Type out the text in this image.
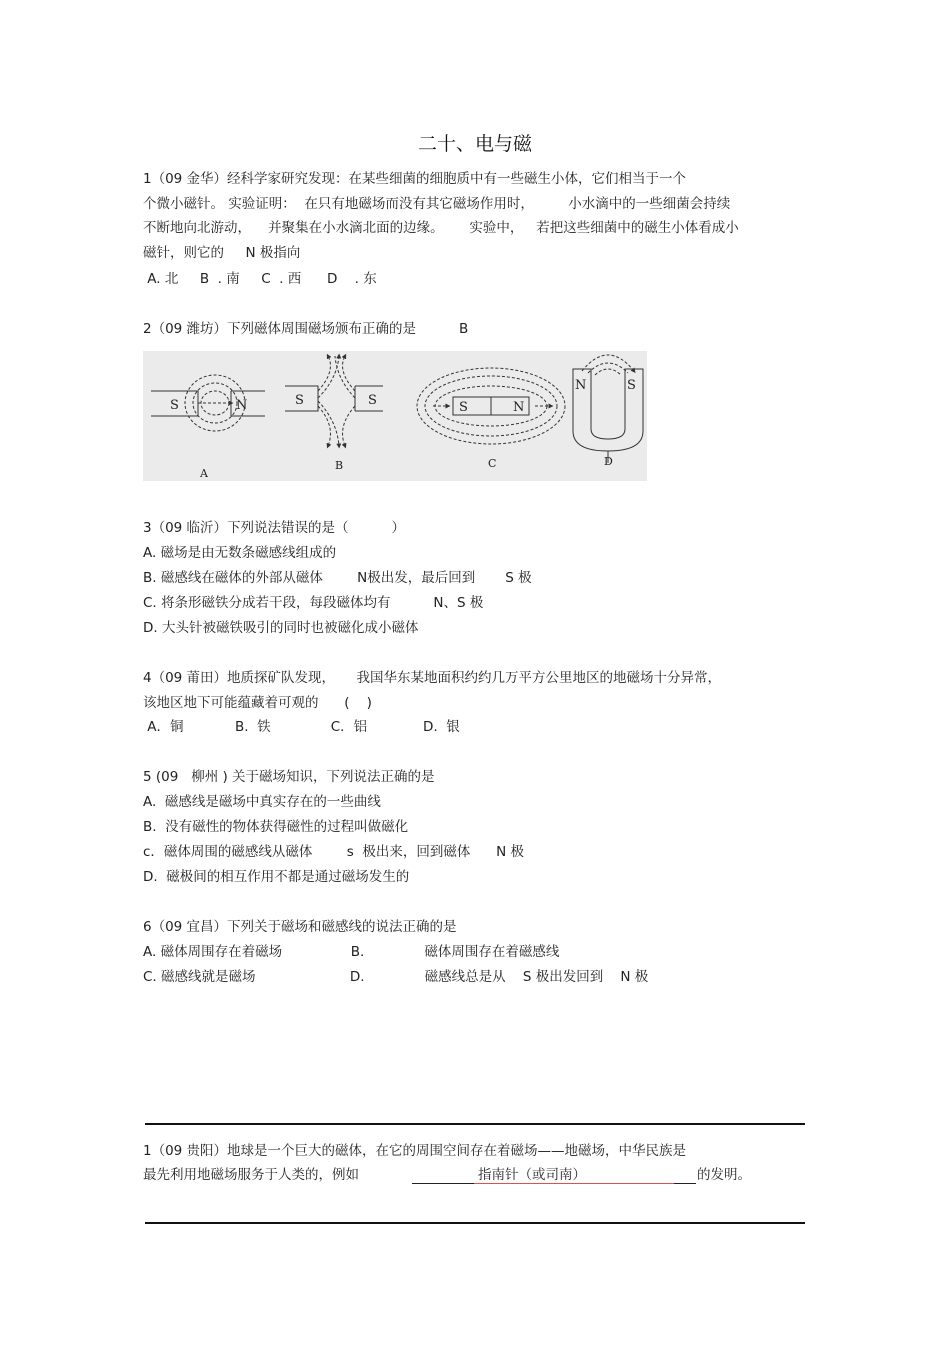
二十、电与磁
1（09 金华）经科学家研究发现：在某些细菌的细胞质中有一些磁生小体，它们相当于一个
个微小磁针。 实验证明：  在只有地磁场而没有其它磁场作用时，        小水滴中的一些细菌会持续
不断地向北游动，    并聚集在小水滴北面的边缘。      实验中，   若把这些细菌中的磁生小体看成小
磁针，则它的     N 极指向
A. 北     B  . 南     C  . 西      D    . 东
2（09 潍坊）下列磁体周围磁场颁布正确的是          B
S	N	S	S	S	N
N	S
A
B	C	D
3（09 临沂）下列说法错误的是（          ）
A. 磁场是由无数条磁感线组成的
B. 磁感线在磁体的外部从磁体        N极出发，最后回到       S 极
C. 将条形磁铁分成若干段，每段磁体均有          N、S 极
D. 大头针被磁铁吸引的同时也被磁化成小磁体
4（09 莆田）地质探矿队发现，     我国华东某地面积约约几万平方公里地区的地磁场十分异常，
该地区地下可能蕴藏着可观的      (    )
A．铜            B.  铁              C．铝             D.  银
5 (09   柳州 ) 关于磁场知识，下列说法正确的是
A.  磁感线是磁场中真实存在的一些曲线
B.  没有磁性的物体获得磁性的过程叫做磁化
c．磁体周围的磁感线从磁体        s  极出来，回到磁体      N 极
D.  磁极间的相互作用不都是通过磁场发生的
6（09 宜昌）下列关于磁场和磁感线的说法正确的是
A. 磁体周围存在着磁场                B.              磁体周围存在着磁感线
C. 磁感线就是磁场                      D.              磁感线总是从    S 极出发回到    N 极
1（09 贵阳）地球是一个巨大的磁体，在它的周围空间存在着磁场——地磁场，中华民族是
最先利用地磁场服务于人类的，例如	指南针（或司南）	的发明。
